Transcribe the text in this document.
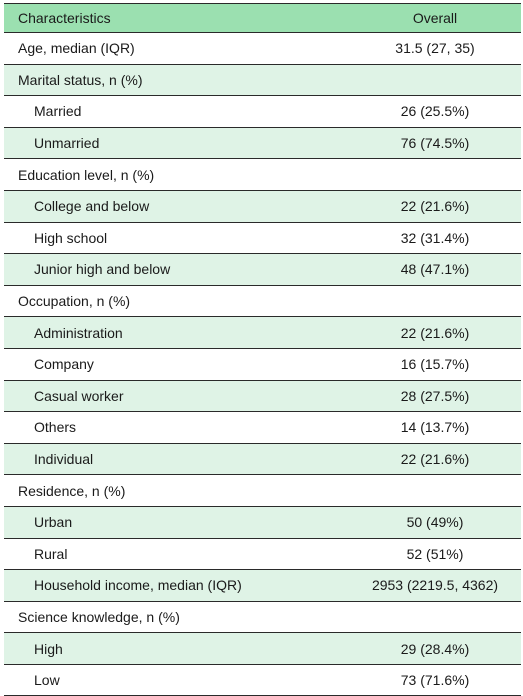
Characteristics	Overall
Age, median (IQR)	31.5 (27, 35)
Marital status, n (%)	
Married	26 (25.5%)
Unmarried	76 (74.5%)
Education level, n (%)	
College and below	22 (21.6%)
High school	32 (31.4%)
Junior high and below	48 (47.1%)
Occupation, n (%)	
Administration	22 (21.6%)
Company	16 (15.7%)
Casual worker	28 (27.5%)
Others	14 (13.7%)
Individual	22 (21.6%)
Residence, n (%)	
Urban	50 (49%)
Rural	52 (51%)
Household income, median (IQR)	2953 (2219.5, 4362)
Science knowledge, n (%)	
High	29 (28.4%)
Low	73 (71.6%)
